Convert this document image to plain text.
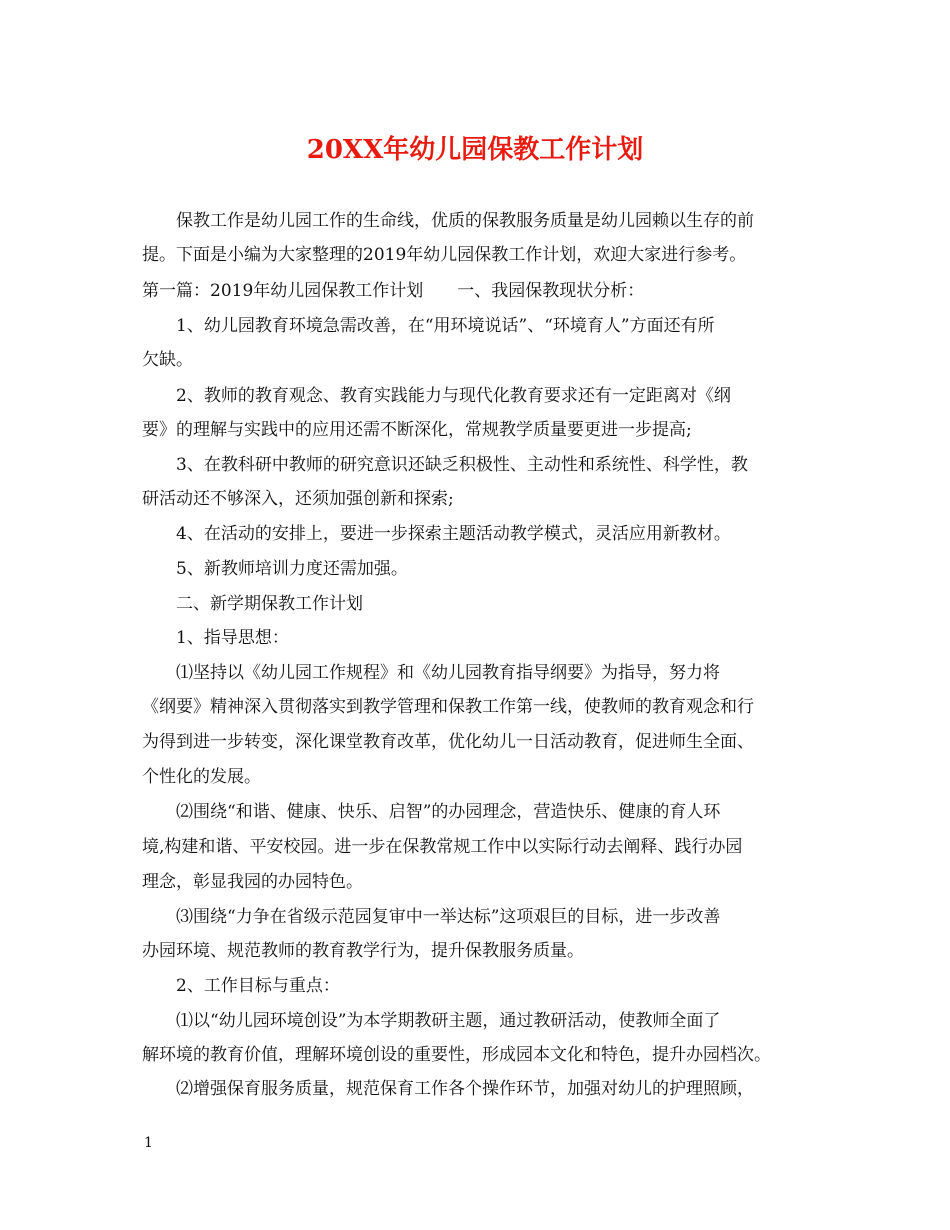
20XX年幼儿园保教工作计划
保教工作是幼儿园工作的生命线，优质的保教服务质量是幼儿园赖以生存的前
提。下面是小编为大家整理的2019年幼儿园保教工作计划，欢迎大家进行参考。
第一篇：2019年幼儿园保教工作计划　　一、我园保教现状分析：
1、幼儿园教育环境急需改善，在“用环境说话”、“环境育人”方面还有所
欠缺。
2、教师的教育观念、教育实践能力与现代化教育要求还有一定距离对《纲
要》的理解与实践中的应用还需不断深化，常规教学质量要更进一步提高;
3、在教科研中教师的研究意识还缺乏积极性、主动性和系统性、科学性，教
研活动还不够深入，还须加强创新和探索;
4、在活动的安排上，要进一步探索主题活动教学模式，灵活应用新教材。
5、新教师培训力度还需加强。
二、新学期保教工作计划
1、指导思想：
⑴坚持以《幼儿园工作规程》和《幼儿园教育指导纲要》为指导，努力将
《纲要》精神深入贯彻落实到教学管理和保教工作第一线，使教师的教育观念和行
为得到进一步转变，深化课堂教育改革，优化幼儿一日活动教育，促进师生全面、
个性化的发展。
⑵围绕“和谐、健康、快乐、启智”的办园理念，营造快乐、健康的育人环
境,构建和谐、平安校园。进一步在保教常规工作中以实际行动去阐释、践行办园
理念，彰显我园的办园特色。
⑶围绕“力争在省级示范园复审中一举达标”这项艰巨的目标，进一步改善
办园环境、规范教师的教育教学行为，提升保教服务质量。
2、工作目标与重点：
⑴以“幼儿园环境创设”为本学期教研主题，通过教研活动，使教师全面了
解环境的教育价值，理解环境创设的重要性，形成园本文化和特色，提升办园档次。
⑵增强保育服务质量，规范保育工作各个操作环节，加强对幼儿的护理照顾，
1
